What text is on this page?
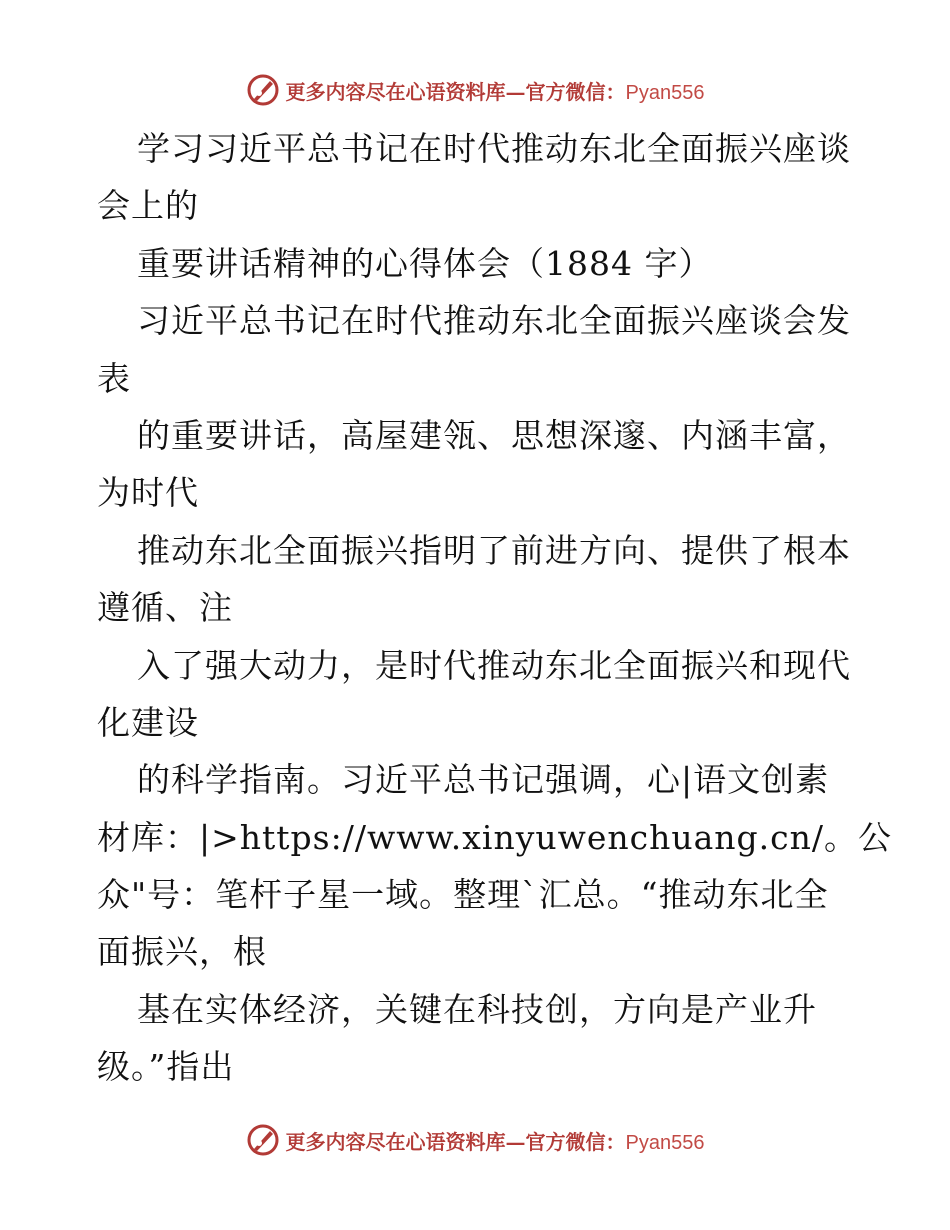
更多内容尽在心语资料库—官方微信：Pyan556
学习习近平总书记在时代推动东北全面振兴座谈
会上的
重要讲话精神的心得体会（1884 字）
习近平总书记在时代推动东北全面振兴座谈会发
表
的重要讲话，高屋建瓴、思想深邃、内涵丰富，
为时代
推动东北全面振兴指明了前进方向、提供了根本
遵循、注
入了强大动力，是时代推动东北全面振兴和现代
化建设
的科学指南。习近平总书记强调，心|语文创素
材库：|>https://www.xinyuwenchuang.cn/。公
众"号：笔杆子星一域。整理`汇总。“推动东北全
面振兴，根
基在实体经济，关键在科技创，方向是产业升
级。”指出
更多内容尽在心语资料库—官方微信：Pyan556
